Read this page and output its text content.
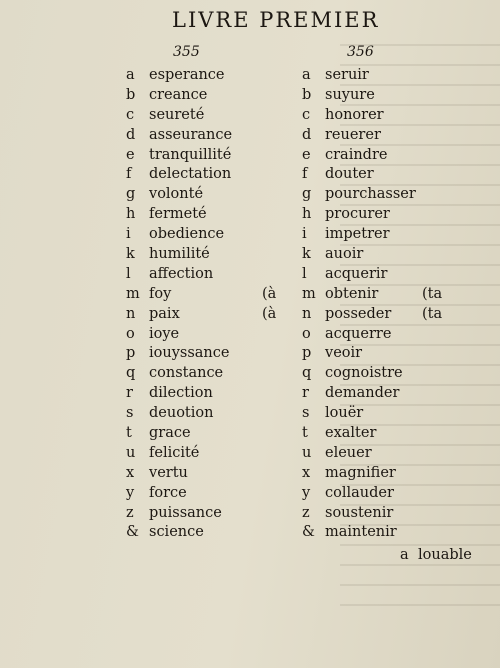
LIVRE PREMIER
355	356
a esperance
b creance
c seureté
d asseurance
e tranquillité
f delectation
g volonté
h fermeté
i obedience
k humilité
l affection
m foy	(à
n paix	(à
o ioye
p iouyssance
q constance
r dilection
s deuotion
t grace
u felicité
x vertu
y force
z puissance
& science
a seruir
b suyure
c honorer
d reuerer
e craindre
f douter
g pourchasser
h procurer
i impetrer
k auoir
l acquerir
m obtenir	(ta
n posseder (ta
o acquerre
p veoir
q cognoistre
r demander
s louër
t exalter
u eleuer
x magnifier
y collauder
z soustenir
& maintenir
a louable
